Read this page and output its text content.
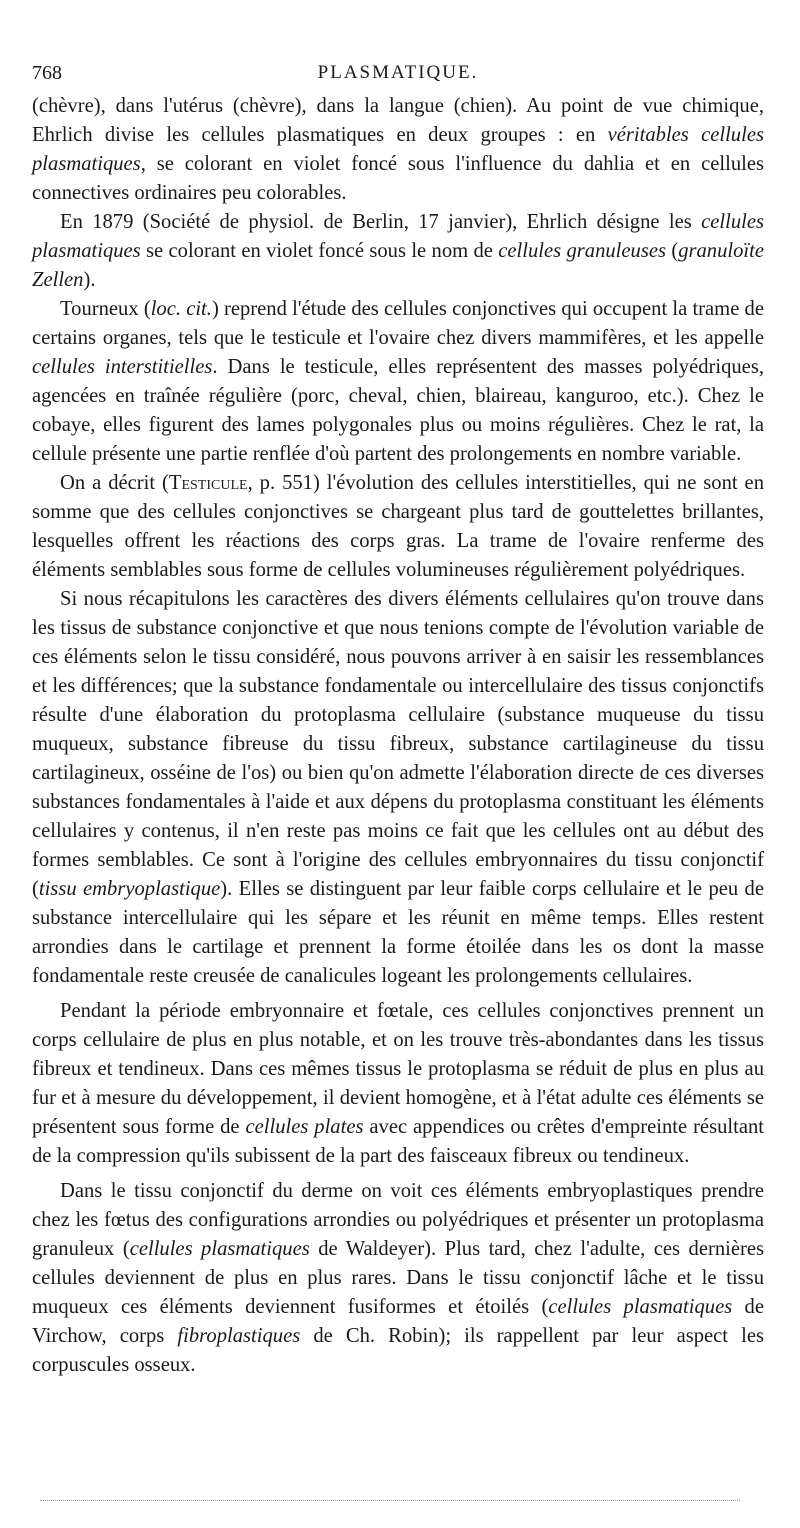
768	PLASMATIQUE.

(chèvre), dans l'utérus (chèvre), dans la langue (chien). Au point de vue chimique, Ehrlich divise les cellules plasmatiques en deux groupes : en véritables cellules plasmatiques, se colorant en violet foncé sous l'influence du dahlia et en cellules connectives ordinaires peu colorables.

En 1879 (Société de physiol. de Berlin, 17 janvier), Ehrlich désigne les cellules plasmatiques se colorant en violet foncé sous le nom de cellules granuleuses (granuloïte Zellen).

Tourneux (loc. cit.) reprend l'étude des cellules conjonctives qui occupent la trame de certains organes, tels que le testicule et l'ovaire chez divers mammifères, et les appelle cellules interstitielles. Dans le testicule, elles représentent des masses polyédriques, agencées en traînée régulière (porc, cheval, chien, blaireau, kanguroo, etc.). Chez le cobaye, elles figurent des lames polygonales plus ou moins régulières. Chez le rat, la cellule présente une partie renflée d'où partent des prolongements en nombre variable.

On a décrit (Testicule, p. 551) l'évolution des cellules interstitielles, qui ne sont en somme que des cellules conjonctives se chargeant plus tard de gouttelettes brillantes, lesquelles offrent les réactions des corps gras. La trame de l'ovaire renferme des éléments semblables sous forme de cellules volumineuses régulièrement polyédriques.

Si nous récapitulons les caractères des divers éléments cellulaires qu'on trouve dans les tissus de substance conjonctive et que nous tenions compte de l'évolution variable de ces éléments selon le tissu considéré, nous pouvons arriver à en saisir les ressemblances et les différences; que la substance fondamentale ou intercellulaire des tissus conjonctifs résulte d'une élaboration du protoplasma cellulaire (substance muqueuse du tissu muqueux, substance fibreuse du tissu fibreux, substance cartilagineuse du tissu cartilagineux, osséine de l'os) ou bien qu'on admette l'élaboration directe de ces diverses substances fondamentales à l'aide et aux dépens du protoplasma constituant les éléments cellulaires y contenus, il n'en reste pas moins ce fait que les cellules ont au début des formes semblables. Ce sont à l'origine des cellules embryonnaires du tissu conjonctif (tissu embryoplastique). Elles se distinguent par leur faible corps cellulaire et le peu de substance intercellulaire qui les sépare et les réunit en même temps. Elles restent arrondies dans le cartilage et prennent la forme étoilée dans les os dont la masse fondamentale reste creusée de canalicules logeant les prolongements cellulaires.

Pendant la période embryonnaire et fœtale, ces cellules conjonctives prennent un corps cellulaire de plus en plus notable, et on les trouve très-abondantes dans les tissus fibreux et tendineux. Dans ces mêmes tissus le protoplasma se réduit de plus en plus au fur et à mesure du développement, il devient homogène, et à l'état adulte ces éléments se présentent sous forme de cellules plates avec appendices ou crêtes d'empreinte résultant de la compression qu'ils subissent de la part des faisceaux fibreux ou tendineux.

Dans le tissu conjonctif du derme on voit ces éléments embryoplastiques prendre chez les fœtus des configurations arrondies ou polyédriques et présenter un protoplasma granuleux (cellules plasmatiques de Waldeyer). Plus tard, chez l'adulte, ces dernières cellules deviennent de plus en plus rares. Dans le tissu conjonctif lâche et le tissu muqueux ces éléments deviennent fusiformes et étoilés (cellules plasmatiques de Virchow, corps fibroplastiques de Ch. Robin); ils rappellent par leur aspect les corpuscules osseux.
